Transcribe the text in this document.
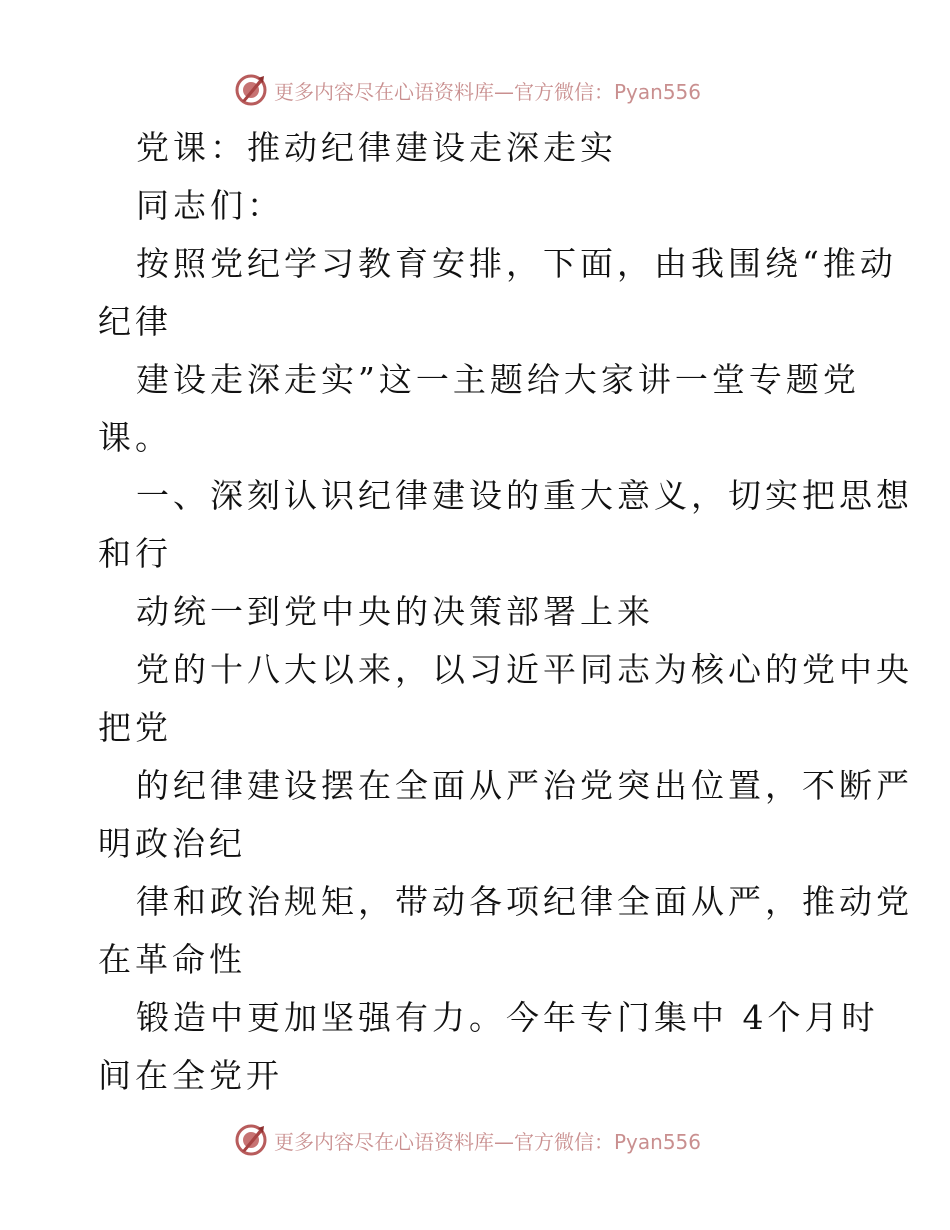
更多内容尽在心语资料库—官方微信：Pyan556
党课：推动纪律建设走深走实
同志们：
按照党纪学习教育安排，下面，由我围绕“推动
纪律
建设走深走实”这一主题给大家讲一堂专题党
课。
一、深刻认识纪律建设的重大意义，切实把思想
和行
动统一到党中央的决策部署上来
党的十八大以来，以习近平同志为核心的党中央
把党
的纪律建设摆在全面从严治党突出位置，不断严
明政治纪
律和政治规矩，带动各项纪律全面从严，推动党
在革命性
锻造中更加坚强有力。今年专门集中 4个月时
间在全党开
更多内容尽在心语资料库—官方微信：Pyan556
